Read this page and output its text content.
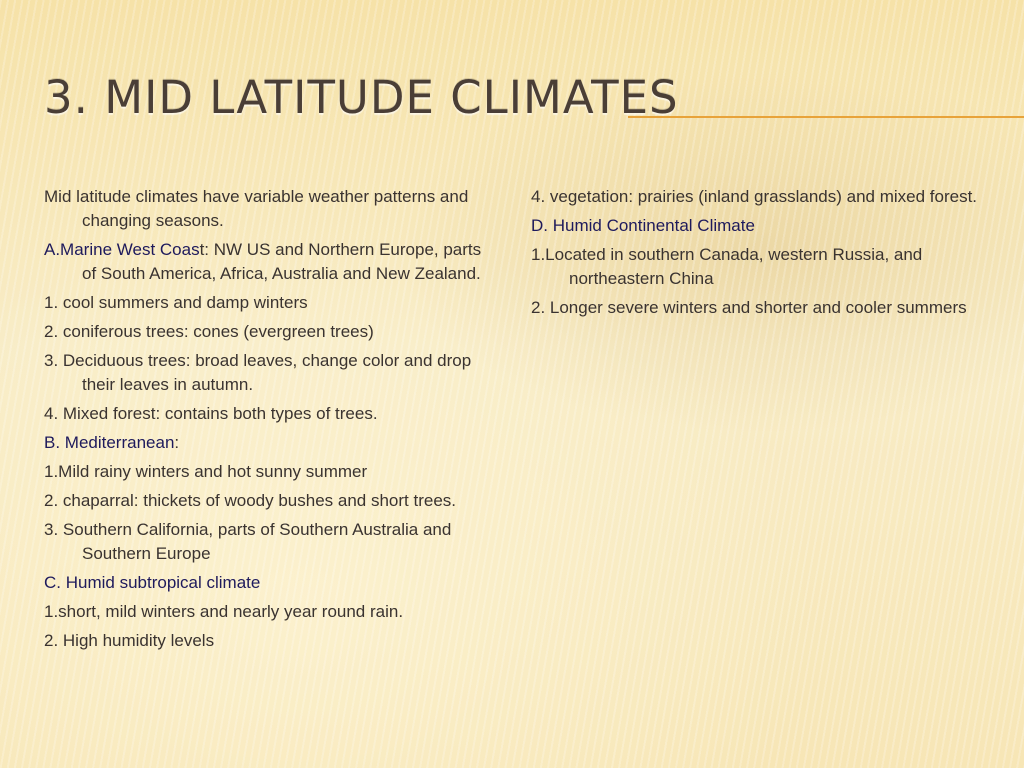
3. MID LATITUDE CLIMATES

Mid latitude climates have variable weather patterns and changing seasons.

A.Marine West Coast: NW US and Northern Europe, parts of South America, Africa, Australia and New Zealand.

1. cool summers and damp winters

2. coniferous trees: cones (evergreen trees)

3. Deciduous trees: broad leaves, change color and drop their leaves in autumn.

4. Mixed forest: contains both types of trees.

B. Mediterranean:

1.Mild rainy winters and hot sunny summer

2. chaparral: thickets of woody bushes and short trees.

3. Southern California, parts of Southern Australia and Southern Europe

C. Humid subtropical climate

1.short, mild winters and nearly year round rain.

2. High humidity levels

4. vegetation: prairies (inland grasslands) and mixed forest.

D. Humid Continental Climate

1.Located in southern Canada, western Russia, and northeastern China

2. Longer severe winters and shorter and cooler summers
